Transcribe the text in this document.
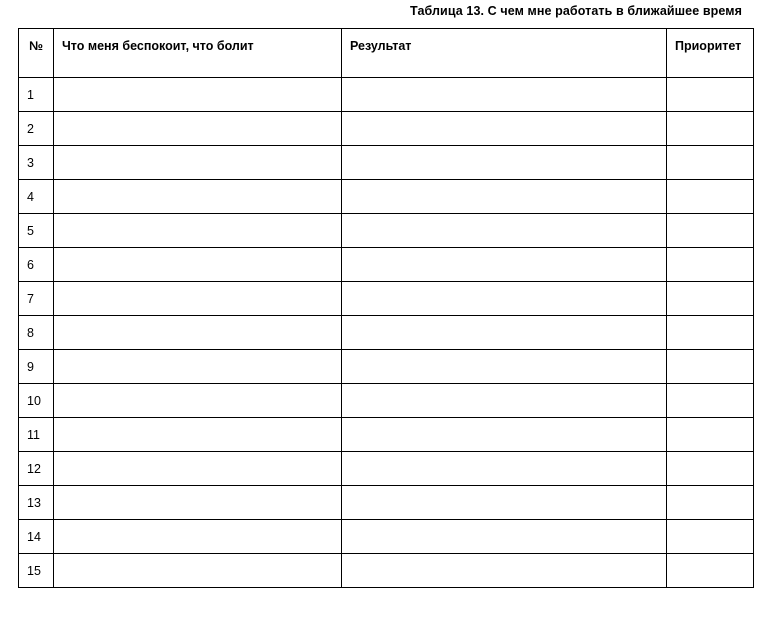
Таблица 13. С чем мне работать в ближайшее время
№	Что меня беспокоит, что болит	Результат	Приоритет

1			
2			
3			
4			
5			
6			
7			
8			
9			
10			
11			
12			
13			
14			
15			
